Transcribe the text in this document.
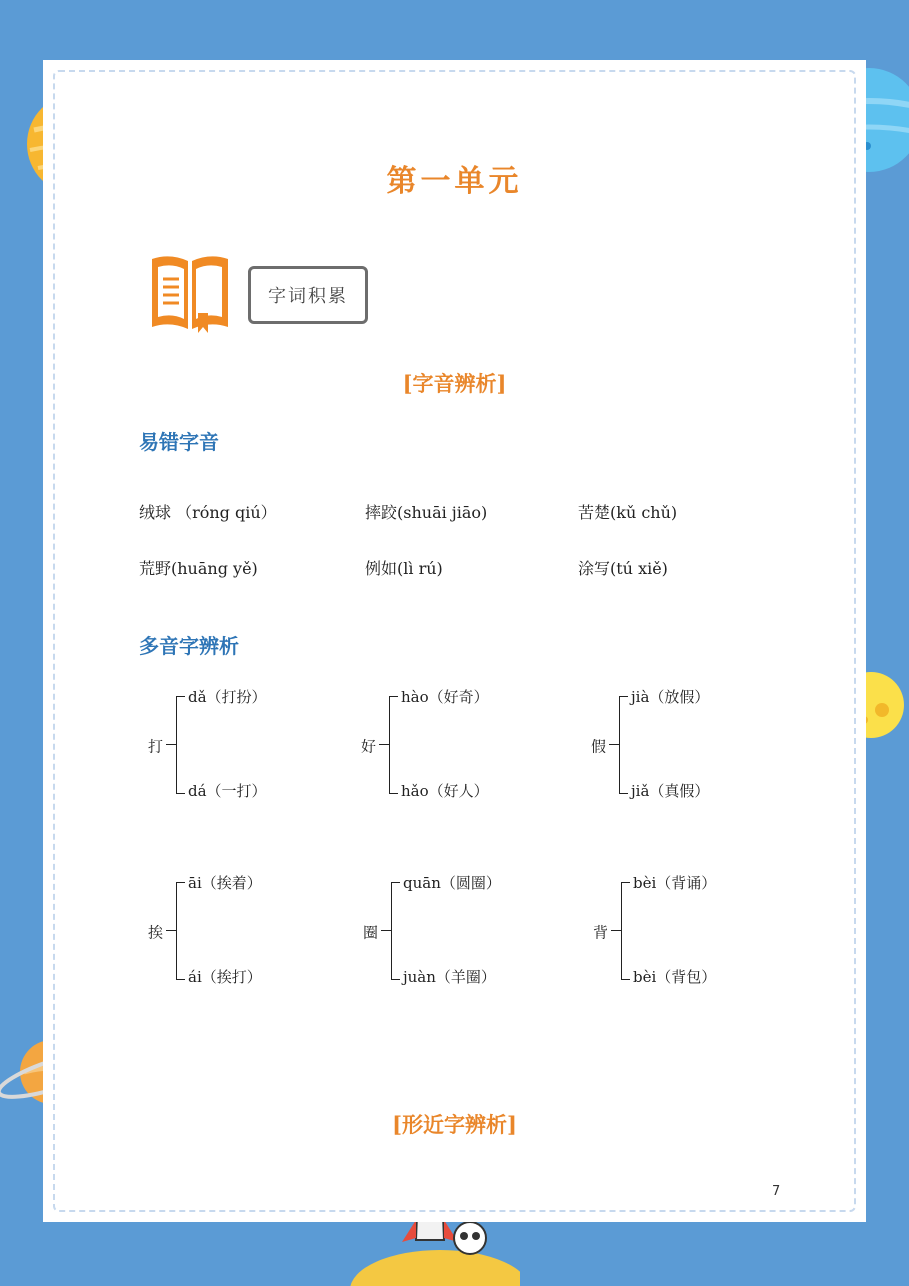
第一单元
字词积累
[字音辨析]
易错字音
绒球 （róng qiú）	摔跤(shuāi jiāo)	苦楚(kǔ chǔ)
荒野(huāng yě)	例如(lì rú)	涂写(tú xiě)
多音字辨析
打
dǎ（打扮）
dá（一打）
好
hào（好奇）
hǎo（好人）
假
jià（放假）
jiǎ（真假）
挨
āi（挨着）
ái（挨打）
圈
quān（圆圈）
juàn（羊圈）
背
bèi（背诵）
bèi（背包）
[形近字辨析]
7
